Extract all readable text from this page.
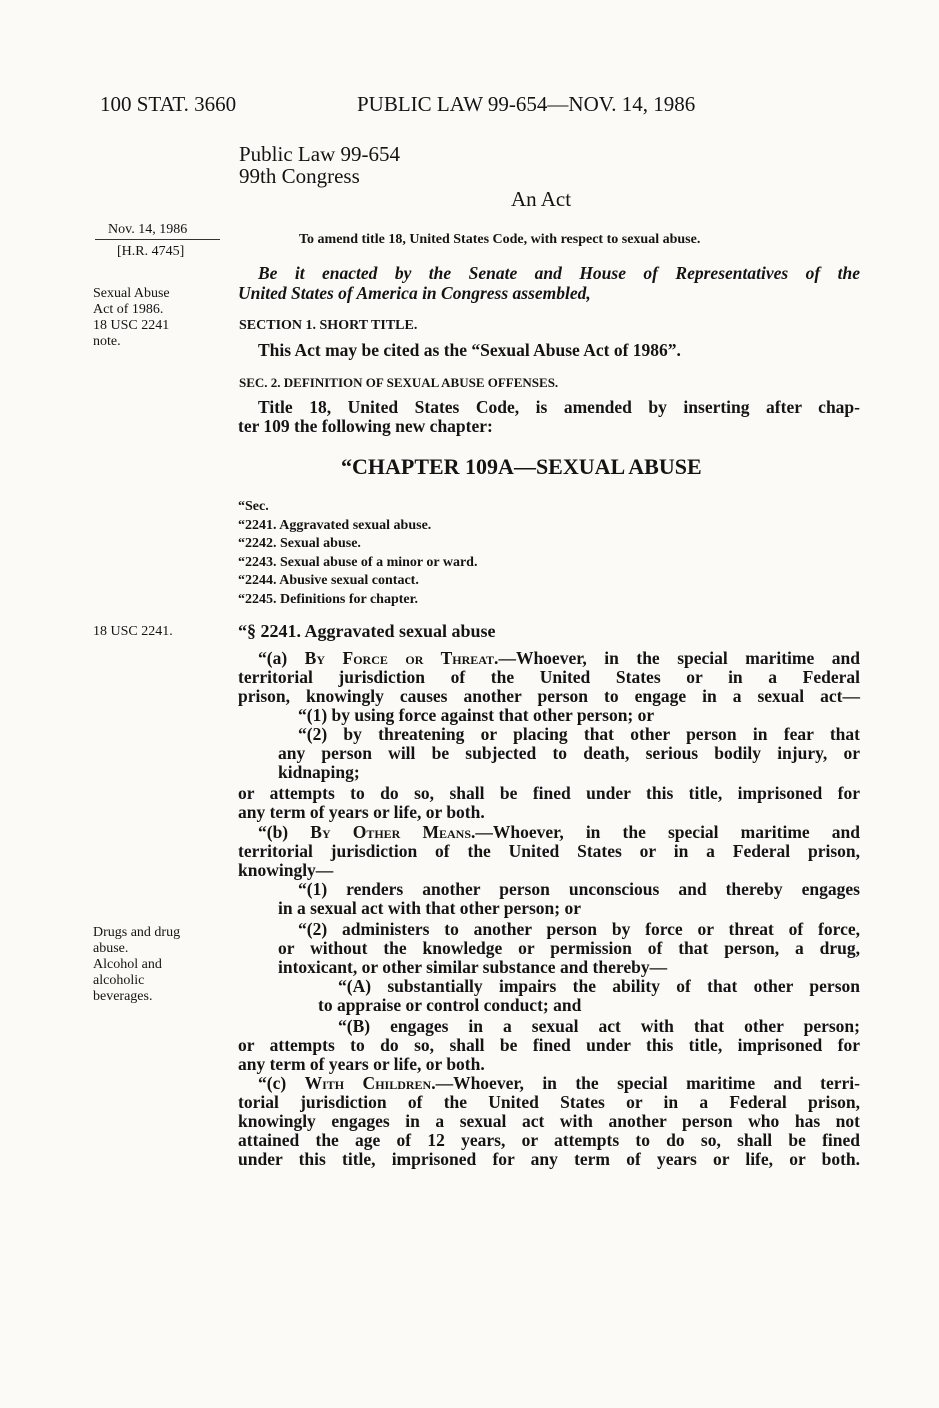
100 STAT. 3660	PUBLIC LAW 99-654—NOV. 14, 1986
Public Law 99-654
99th Congress
An Act
To amend title 18, United States Code, with respect to sexual abuse.
Nov. 14, 1986
[H.R. 4745]
Sexual Abuse
Act of 1986.
18 USC 2241
note.
18 USC 2241.
Drugs and drug
abuse.
Alcohol and
alcoholic
beverages.
Be it enacted by the Senate and House of Representatives of the
United States of America in Congress assembled,
SECTION 1. SHORT TITLE.
This Act may be cited as the “Sexual Abuse Act of 1986”.
SEC. 2. DEFINITION OF SEXUAL ABUSE OFFENSES.
Title 18, United States Code, is amended by inserting after chap-
ter 109 the following new chapter:
“CHAPTER 109A—SEXUAL ABUSE
“Sec.
“2241. Aggravated sexual abuse.
“2242. Sexual abuse.
“2243. Sexual abuse of a minor or ward.
“2244. Abusive sexual contact.
“2245. Definitions for chapter.
“§ 2241. Aggravated sexual abuse
“(a) By Force or Threat.—Whoever, in the special maritime and
territorial jurisdiction of the United States or in a Federal
prison, knowingly causes another person to engage in a sexual act—
“(1) by using force against that other person; or
“(2) by threatening or placing that other person in fear that
any person will be subjected to death, serious bodily injury, or
kidnaping;
or attempts to do so, shall be fined under this title, imprisoned for
any term of years or life, or both.
“(b) By Other Means.—Whoever, in the special maritime and
territorial jurisdiction of the United States or in a Federal prison,
knowingly—
“(1) renders another person unconscious and thereby engages
in a sexual act with that other person; or
“(2) administers to another person by force or threat of force,
or without the knowledge or permission of that person, a drug,
intoxicant, or other similar substance and thereby—
“(A) substantially impairs the ability of that other person
to appraise or control conduct; and
“(B) engages in a sexual act with that other person;
or attempts to do so, shall be fined under this title, imprisoned for
any term of years or life, or both.
“(c) With Children.—Whoever, in the special maritime and terri-
torial jurisdiction of the United States or in a Federal prison,
knowingly engages in a sexual act with another person who has not
attained the age of 12 years, or attempts to do so, shall be fined
under this title, imprisoned for any term of years or life, or both.
